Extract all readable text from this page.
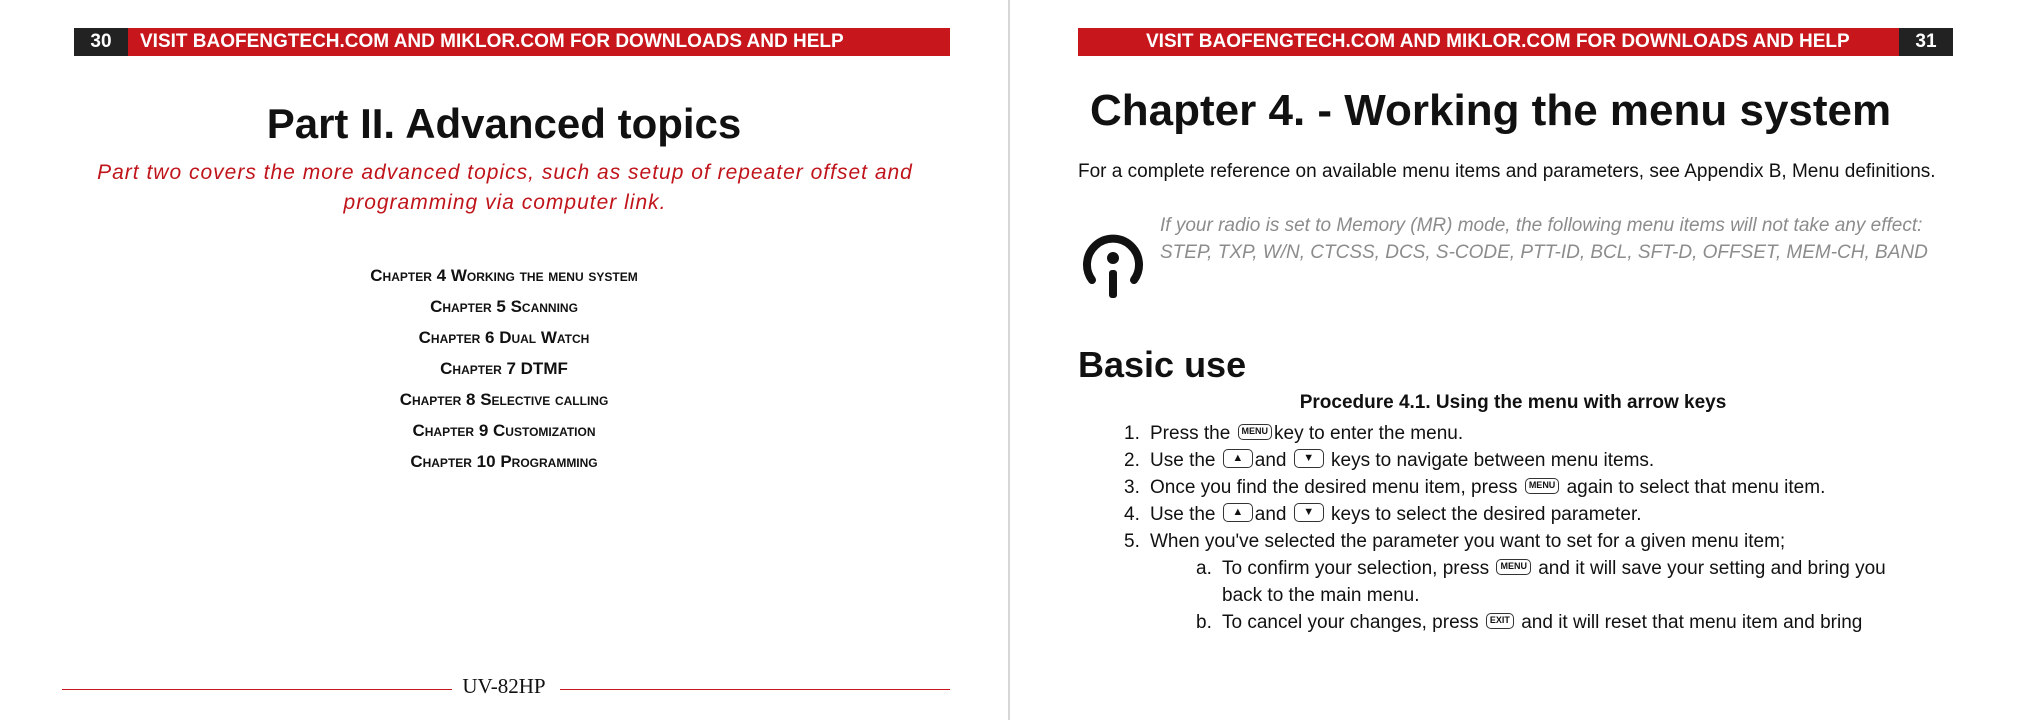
30	VISIT BAOFENGTECH.COM AND MIKLOR.COM FOR DOWNLOADS AND HELP
Part II. Advanced topics
Part two covers the more advanced topics, such as setup of repeater offset and programming via computer link.
Chapter 4 Working the menu system
Chapter 5 Scanning
Chapter 6 Dual Watch
Chapter 7 DTMF
Chapter 8 Selective calling
Chapter 9 Customization
Chapter 10 Programming
UV-82HP
VISIT BAOFENGTECH.COM AND MIKLOR.COM FOR DOWNLOADS AND HELP	31
Chapter 4. - Working the menu system
For a complete reference on available menu items and parameters, see Appendix B, Menu definitions.
If your radio is set to Memory (MR) mode, the following menu items will not take any effect: STEP, TXP, W/N, CTCSS, DCS, S-CODE, PTT-ID, BCL, SFT-D, OFFSET, MEM-CH, BAND
Basic use
Procedure 4.1. Using the menu with arrow keys
1. Press the MENU key to enter the menu.
2. Use the ▲ and ▼ keys to navigate between menu items.
3. Once you find the desired menu item, press MENU again to select that menu item.
4. Use the ▲ and ▼ keys to select the desired parameter.
5. When you've selected the parameter you want to set for a given menu item;
a. To confirm your selection, press MENU and it will save your setting and bring you
back to the main menu.
b. To cancel your changes, press EXIT and it will reset that menu item and bring
